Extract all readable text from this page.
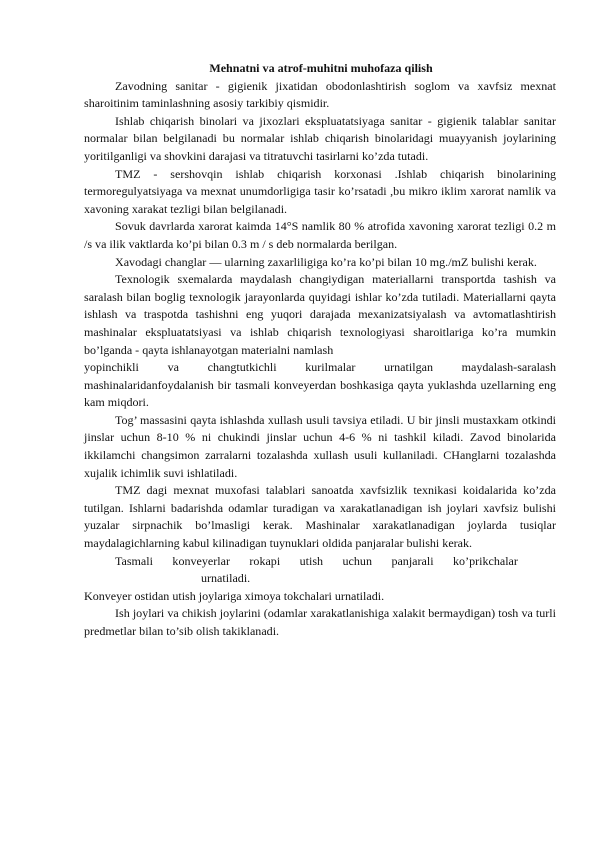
Mehnatni va atrof-muhitni muhofaza qilish

Zavodning sanitar - gigienik jixatidan obodonlashtirish soglom va xavfsiz mexnat sharoitinim taminlashning asosiy tarkibiy qismidir.

Ishlab chiqarish binolari va jixozlari ekspluatatsiyaga sanitar - gigienik talablar sanitar normalar bilan belgilanadi bu normalar ishlab chiqarish binolaridagi muayyanish joylarining yoritilganligi va shovkini darajasi va titratuvchi tasirlarni ko’zda tutadi.

TMZ - sershovqin ishlab chiqarish korxonasi .Ishlab chiqarish binolarining termoregulyatsiyaga va mexnat unumdorligiga tasir ko’rsatadi ,bu mikro iklim xarorat namlik va xavoning xarakat tezligi bilan belgilanadi.

Sovuk davrlarda xarorat kaimda 14°S namlik 80 % atrofida xavoning xarorat tezligi 0.2 m /s va ilik vaktlarda ko’pi bilan 0.3 m / s deb normalarda berilgan.

Xavodagi changlar — ularning zaxarliligiga ko’ra ko’pi bilan 10 mg./mZ bulishi kerak.

Texnologik sxemalarda maydalash changiydigan materiallarni transportda tashish va saralash bilan boglig texnologik jarayonlarda quyidagi ishlar ko’zda tutiladi. Materiallarni qayta ishlash va traspotda tashishni eng yuqori darajada mexanizatsiyalash va avtomatlashtirish mashinalar ekspluatatsiyasi va ishlab chiqarish texnologiyasi sharoitlariga ko’ra mumkin bo’lganda - qayta ishlanayotgan materialni namlash

yopinchikli va changtutkichli kurilmalar urnatilgan maydalash-saralash

mashinalaridanfoydalanish bir tasmali konveyerdan boshkasiga qayta yuklashda uzellarning eng kam miqdori.

Tog’ massasini qayta ishlashda xullash usuli tavsiya etiladi. U bir jinsli mustaxkam otkindi jinslar uchun 8-10 % ni chukindi jinslar uchun 4-6 % ni tashkil kiladi. Zavod binolarida ikkilamchi changsimon zarralarni tozalashda xullash usuli kullaniladi. CHanglarni tozalashda xujalik ichimlik suvi ishlatiladi.

TMZ dagi mexnat muxofasi talablari sanoatda xavfsizlik texnikasi koidalarida ko’zda tutilgan. Ishlarni badarishda odamlar turadigan va xarakatlanadigan ish joylari xavfsiz bulishi yuzalar sirpnachik bo’lmasligi kerak. Mashinalar xarakatlanadigan joylarda tusiqlar maydalagichlarning kabul kilinadigan tuynuklari oldida panjaralar bulishi kerak.

Tasmali konveyerlar rokapi utish uchun panjarali ko’prikchalar
urnatiladi.

Konveyer ostidan utish joylariga ximoya tokchalari urnatiladi.

Ish joylari va chikish joylarini (odamlar xarakatlanishiga xalakit bermaydigan) tosh va turli predmetlar bilan to’sib olish takiklanadi.
